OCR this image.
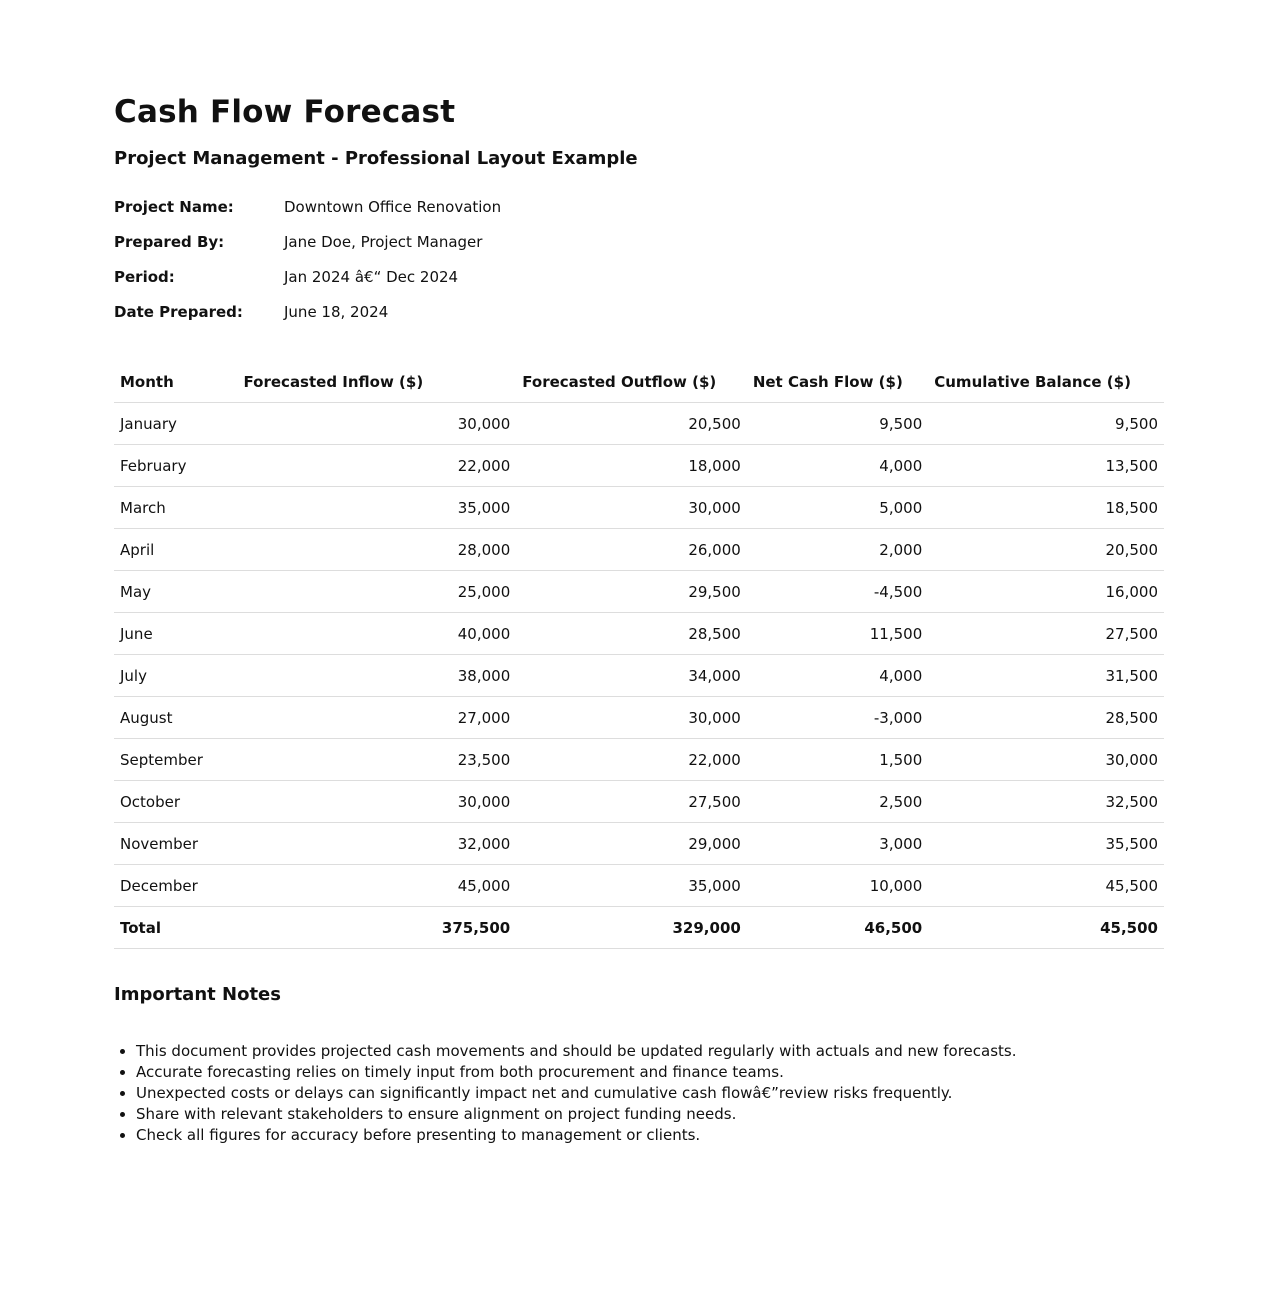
Cash Flow Forecast
Project Management - Professional Layout Example
Project Name:	Downtown Office Renovation
Prepared By:	Jane Doe, Project Manager
Period:	Jan 2024 â€“ Dec 2024
Date Prepared:	June 18, 2024
Month	Forecasted Inflow ($)	Forecasted Outflow ($)	Net Cash Flow ($)	Cumulative Balance ($)
January	30,000	20,500	9,500	9,500
February	22,000	18,000	4,000	13,500
March	35,000	30,000	5,000	18,500
April	28,000	26,000	2,000	20,500
May	25,000	29,500	-4,500	16,000
June	40,000	28,500	11,500	27,500
July	38,000	34,000	4,000	31,500
August	27,000	30,000	-3,000	28,500
September	23,500	22,000	1,500	30,000
October	30,000	27,500	2,500	32,500
November	32,000	29,000	3,000	35,500
December	45,000	35,000	10,000	45,500
Total	375,500	329,000	46,500	45,500
Important Notes
• This document provides projected cash movements and should be updated regularly with actuals and new forecasts.
• Accurate forecasting relies on timely input from both procurement and finance teams.
• Unexpected costs or delays can significantly impact net and cumulative cash flowâ€”review risks frequently.
• Share with relevant stakeholders to ensure alignment on project funding needs.
• Check all figures for accuracy before presenting to management or clients.
